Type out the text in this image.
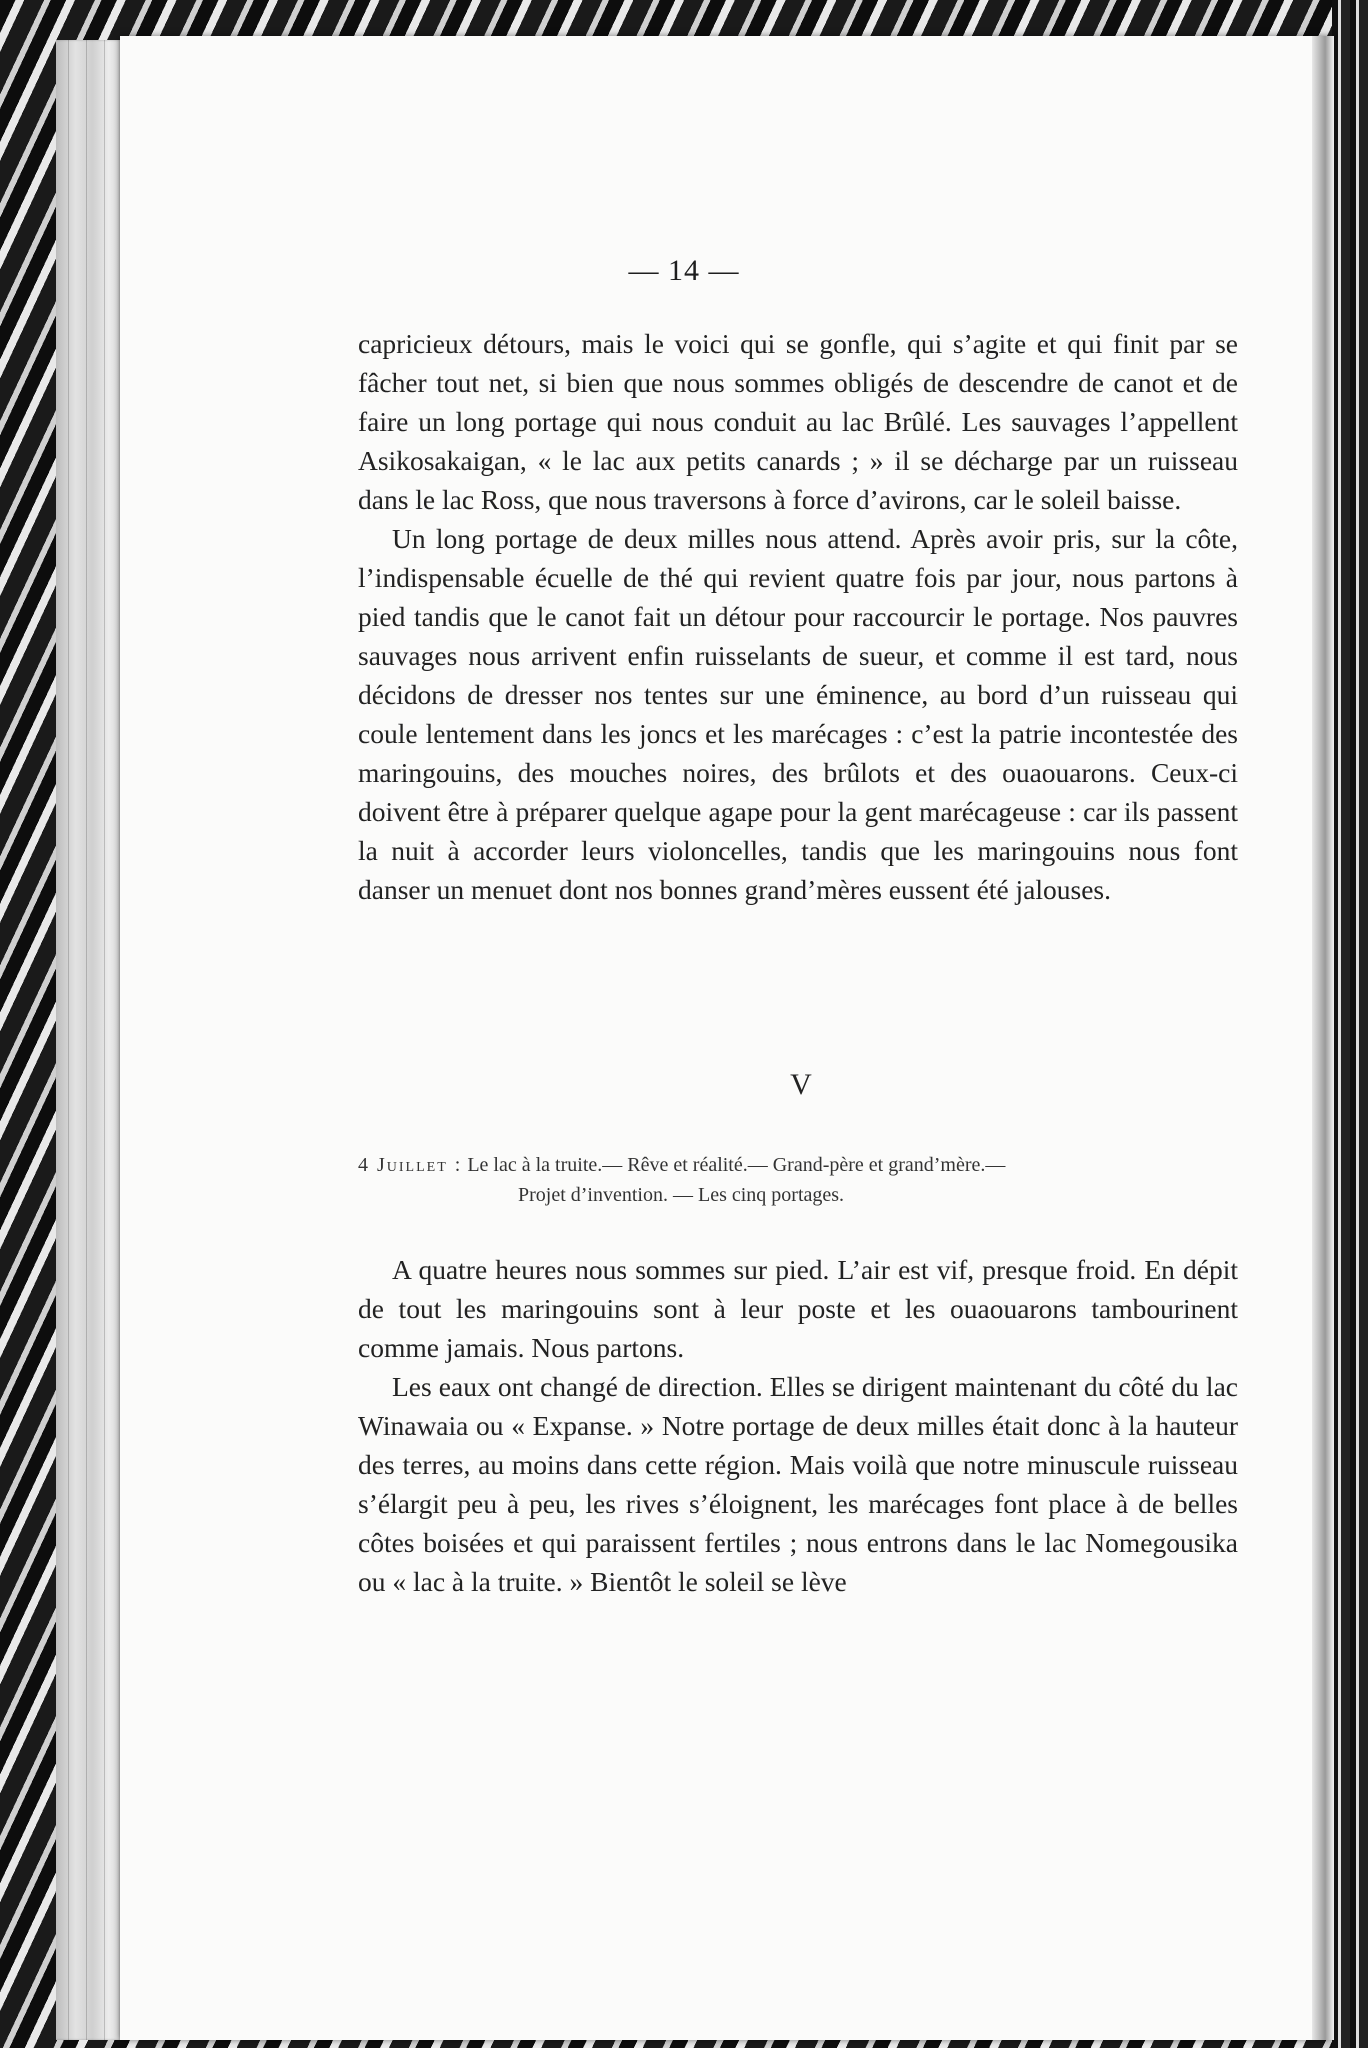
— 14 —

capricieux détours, mais le voici qui se gonfle, qui s’agite et qui finit par se fâcher tout net, si bien que nous sommes obligés de descendre de canot et de faire un long portage qui nous conduit au lac Brûlé. Les sauvages l’appellent Asikosakaigan, « le lac aux petits canards ; » il se décharge par un ruisseau dans le lac Ross, que nous traversons à force d’avirons, car le soleil baisse.

Un long portage de deux milles nous attend. Après avoir pris, sur la côte, l’indispensable écuelle de thé qui revient quatre fois par jour, nous partons à pied tandis que le canot fait un détour pour raccourcir le portage. Nos pauvres sauvages nous arrivent enfin ruisselants de sueur, et comme il est tard, nous décidons de dresser nos tentes sur une éminence, au bord d’un ruisseau qui coule lentement dans les joncs et les marécages : c’est la patrie incontestée des maringouins, des mouches noires, des brûlots et des ouaouarons. Ceux-ci doivent être à préparer quelque agape pour la gent marécageuse : car ils passent la nuit à accorder leurs violoncelles, tandis que les maringouins nous font danser un menuet dont nos bonnes grand’mères eussent été jalouses.

V
4 Juillet : Le lac à la truite.— Rêve et réalité.— Grand-père et grand’mère.—
Projet d’invention. — Les cinq portages.

A quatre heures nous sommes sur pied. L’air est vif, presque froid. En dépit de tout les maringouins sont à leur poste et les ouaouarons tambourinent comme jamais. Nous partons.

Les eaux ont changé de direction. Elles se dirigent maintenant du côté du lac Winawaia ou « Expanse. » Notre portage de deux milles était donc à la hauteur des terres, au moins dans cette région. Mais voilà que notre minuscule ruisseau s’élargit peu à peu, les rives s’éloignent, les marécages font place à de belles côtes boisées et qui paraissent fertiles ; nous entrons dans le lac Nomegousika ou « lac à la truite. » Bientôt le soleil se lève
